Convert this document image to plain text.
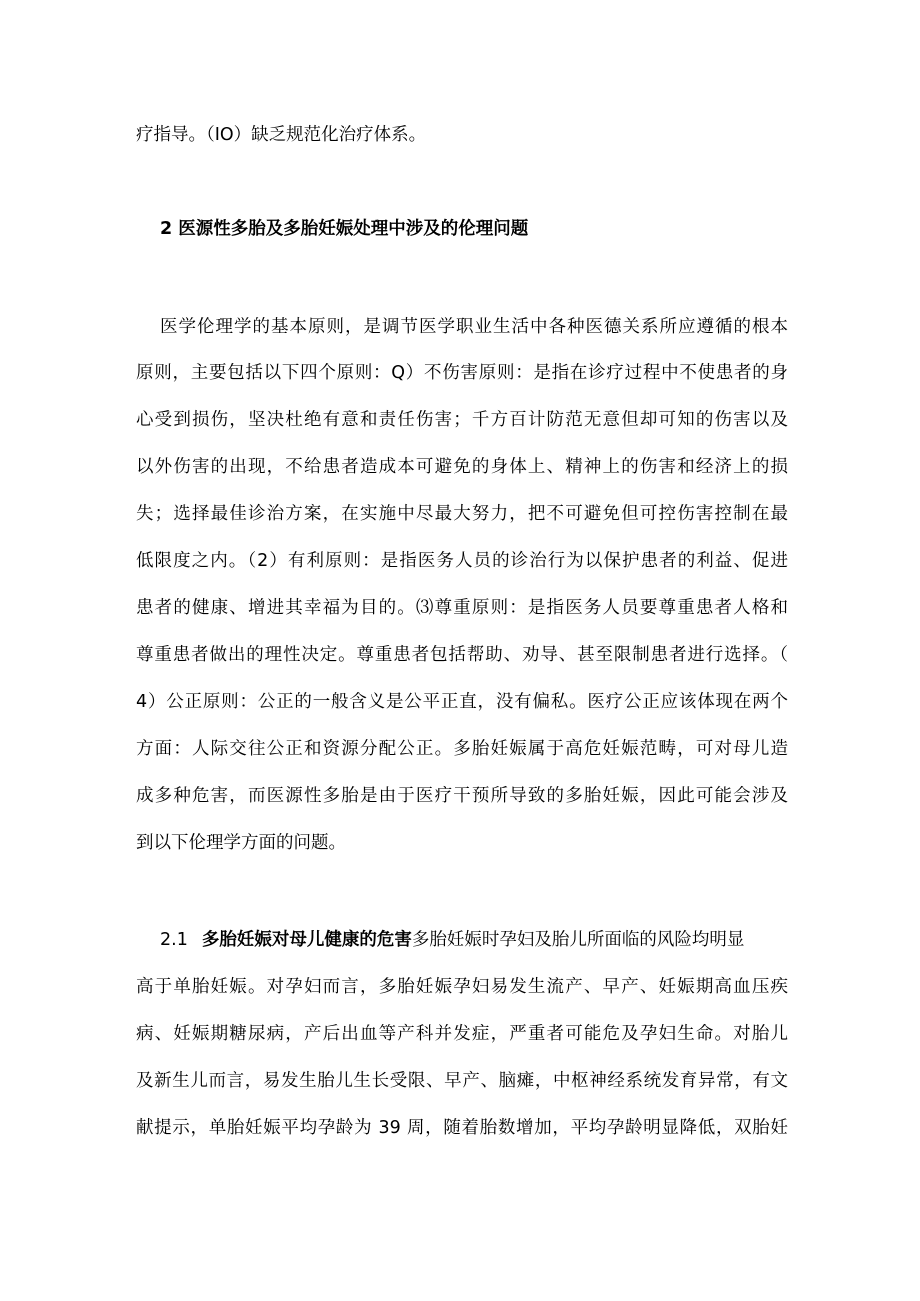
疗指导。（IO）缺乏规范化治疗体系。
2 医源性多胎及多胎妊娠处理中涉及的伦理问题
医学伦理学的基本原则，是调节医学职业生活中各种医德关系所应遵循的根本
原则，主要包括以下四个原则：Q）不伤害原则：是指在诊疗过程中不使患者的身
心受到损伤，坚决杜绝有意和责任伤害；千方百计防范无意但却可知的伤害以及
以外伤害的出现，不给患者造成本可避免的身体上、精神上的伤害和经济上的损
失；选择最佳诊治方案，在实施中尽最大努力，把不可避免但可控伤害控制在最
低限度之内。（2）有利原则：是指医务人员的诊治行为以保护患者的利益、促进
患者的健康、增进其幸福为目的。⑶尊重原则：是指医务人员要尊重患者人格和
尊重患者做出的理性决定。尊重患者包括帮助、劝导、甚至限制患者进行选择。（
4）公正原则：公正的一般含义是公平正直，没有偏私。医疗公正应该体现在两个
方面：人际交往公正和资源分配公正。多胎妊娠属于高危妊娠范畴，可对母儿造
成多种危害，而医源性多胎是由于医疗干预所导致的多胎妊娠，因此可能会涉及
到以下伦理学方面的问题。
2.1 多胎妊娠对母儿健康的危害多胎妊娠时孕妇及胎儿所面临的风险均明显
高于单胎妊娠。对孕妇而言，多胎妊娠孕妇易发生流产、早产、妊娠期高血压疾
病、妊娠期糖尿病，产后出血等产科并发症，严重者可能危及孕妇生命。对胎儿
及新生儿而言，易发生胎儿生长受限、早产、脑瘫，中枢神经系统发育异常，有文
献提示，单胎妊娠平均孕龄为 39 周，随着胎数增加，平均孕龄明显降低，双胎妊
